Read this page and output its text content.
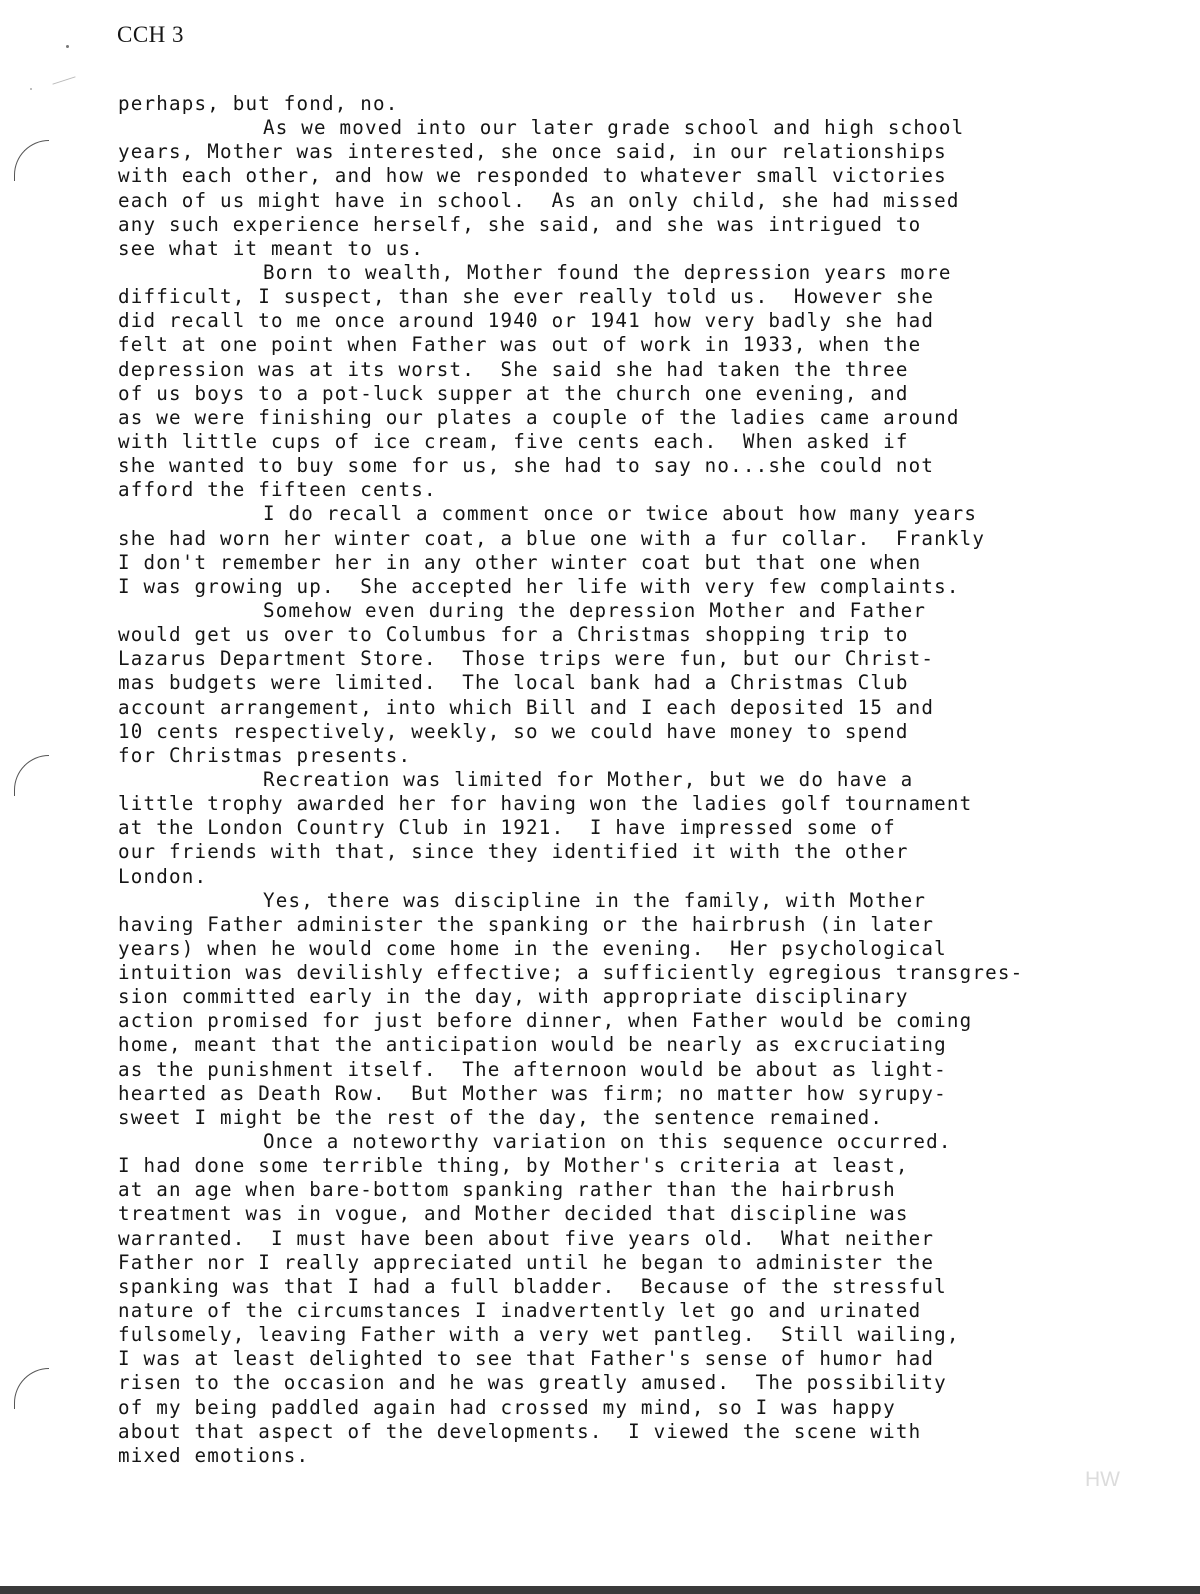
CCH 3
perhaps, but fond, no.
As we moved into our later grade school and high school
years, Mother was interested, she once said, in our relationships
with each other, and how we responded to whatever small victories
each of us might have in school.  As an only child, she had missed
any such experience herself, she said, and she was intrigued to
see what it meant to us.
Born to wealth, Mother found the depression years more
difficult, I suspect, than she ever really told us.  However she
did recall to me once around 1940 or 1941 how very badly she had
felt at one point when Father was out of work in 1933, when the
depression was at its worst.  She said she had taken the three
of us boys to a pot-luck supper at the church one evening, and
as we were finishing our plates a couple of the ladies came around
with little cups of ice cream, five cents each.  When asked if
she wanted to buy some for us, she had to say no...she could not
afford the fifteen cents.
I do recall a comment once or twice about how many years
she had worn her winter coat, a blue one with a fur collar.  Frankly
I don't remember her in any other winter coat but that one when
I was growing up.  She accepted her life with very few complaints.
Somehow even during the depression Mother and Father
would get us over to Columbus for a Christmas shopping trip to
Lazarus Department Store.  Those trips were fun, but our Christ-
mas budgets were limited.  The local bank had a Christmas Club
account arrangement, into which Bill and I each deposited 15 and
10 cents respectively, weekly, so we could have money to spend
for Christmas presents.
Recreation was limited for Mother, but we do have a
little trophy awarded her for having won the ladies golf tournament
at the London Country Club in 1921.  I have impressed some of
our friends with that, since they identified it with the other
London.
Yes, there was discipline in the family, with Mother
having Father administer the spanking or the hairbrush (in later
years) when he would come home in the evening.  Her psychological
intuition was devilishly effective; a sufficiently egregious transgres-
sion committed early in the day, with appropriate disciplinary
action promised for just before dinner, when Father would be coming
home, meant that the anticipation would be nearly as excruciating
as the punishment itself.  The afternoon would be about as light-
hearted as Death Row.  But Mother was firm; no matter how syrupy-
sweet I might be the rest of the day, the sentence remained.
Once a noteworthy variation on this sequence occurred.
I had done some terrible thing, by Mother's criteria at least,
at an age when bare-bottom spanking rather than the hairbrush
treatment was in vogue, and Mother decided that discipline was
warranted.  I must have been about five years old.  What neither
Father nor I really appreciated until he began to administer the
spanking was that I had a full bladder.  Because of the stressful
nature of the circumstances I inadvertently let go and urinated
fulsomely, leaving Father with a very wet pantleg.  Still wailing,
I was at least delighted to see that Father's sense of humor had
risen to the occasion and he was greatly amused.  The possibility
of my being paddled again had crossed my mind, so I was happy
about that aspect of the developments.  I viewed the scene with
mixed emotions.
HW
